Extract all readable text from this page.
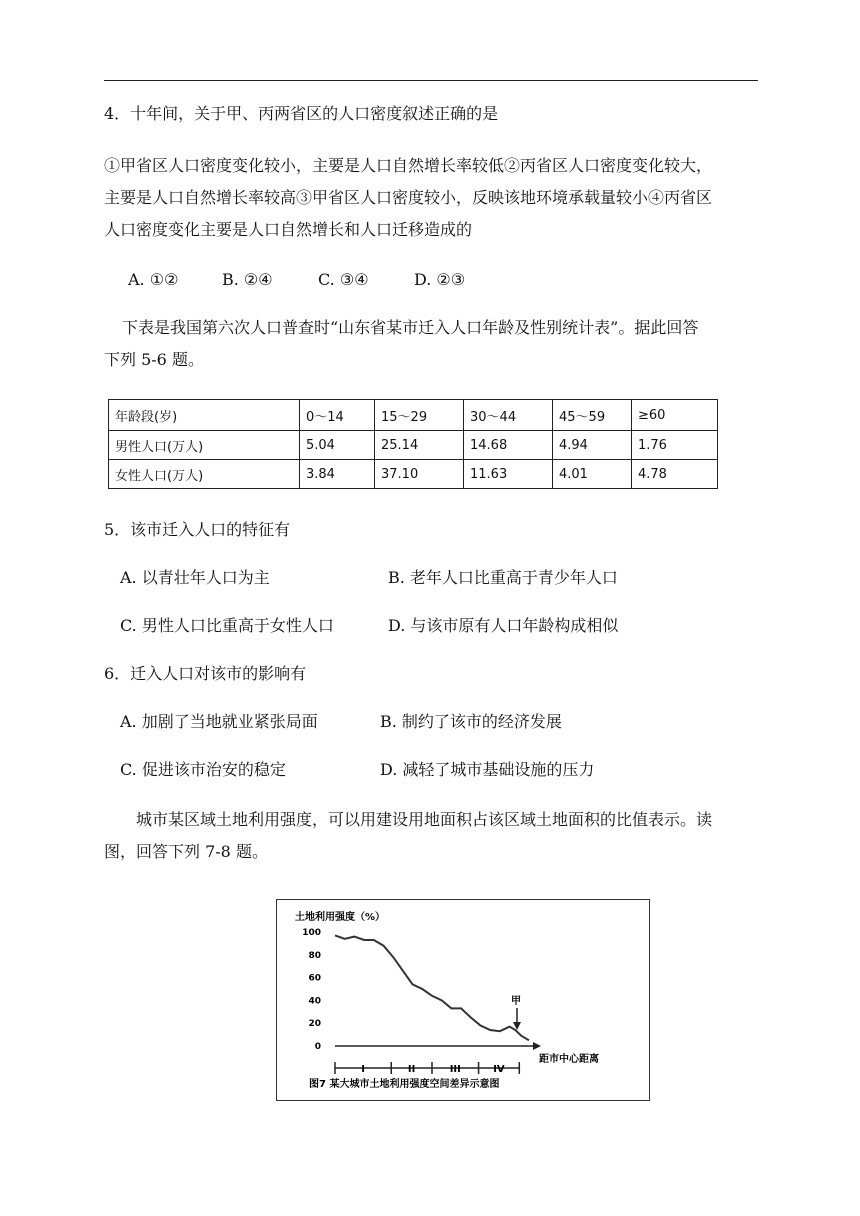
4．十年间，关于甲、丙两省区的人口密度叙述正确的是
①甲省区人口密度变化较小，主要是人口自然增长率较低②丙省区人口密度变化较大，
主要是人口自然增长率较高③甲省区人口密度较小，反映该地环境承载量较小④丙省区
人口密度变化主要是人口自然增长和人口迁移造成的
A. ①②	B. ②④	C. ③④	D. ②③
下表是我国第六次人口普查时“山东省某市迁入人口年龄及性别统计表”。据此回答
下列 5-6 题。
年龄段(岁)	0～14	15～29	30～44	45～59	≥60
男性人口(万人)	5.04	25.14	14.68	4.94	1.76
女性人口(万人)	3.84	37.10	11.63	4.01	4.78
5．该市迁入人口的特征有
A. 以青壮年人口为主	B. 老年人口比重高于青少年人口
C. 男性人口比重高于女性人口	D. 与该市原有人口年龄构成相似
6．迁入人口对该市的影响有
A. 加剧了当地就业紧张局面	B. 制约了该市的经济发展
C. 促进该市治安的稳定	D. 减轻了城市基础设施的压力
城市某区域土地利用强度，可以用建设用地面积占该区域土地面积的比值表示。读
图，回答下列 7-8 题。
土地利用强度（%）
100
80
60
40
20
0
距市中心距离
I	II	III	IV
甲
图7 某大城市土地利用强度空间差异示意图
